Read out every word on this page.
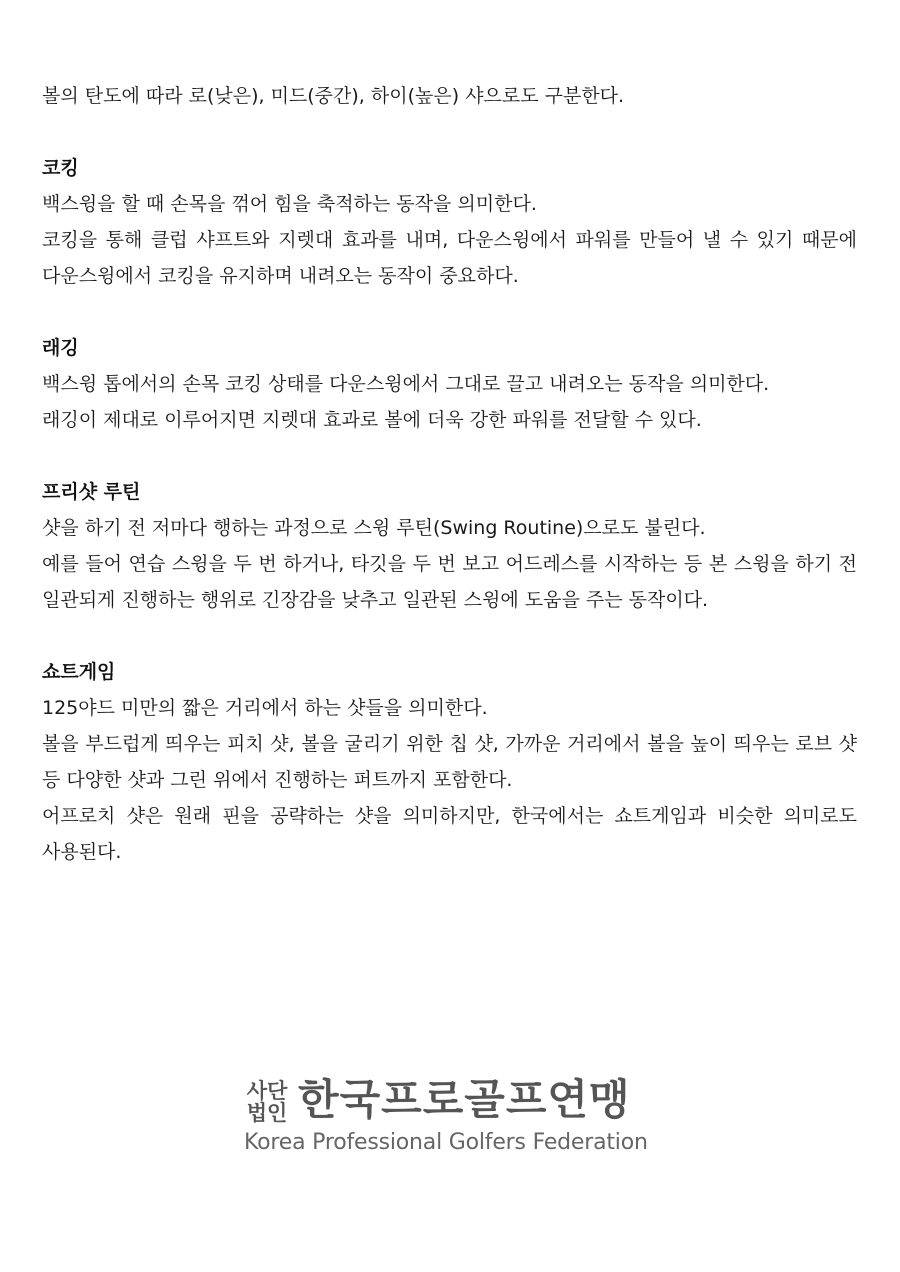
볼의 탄도에 따라 로(낮은), 미드(중간), 하이(높은) 샤으로도 구분한다.

코킹

백스윙을 할 때 손목을 꺾어 힘을 축적하는 동작을 의미한다.

코킹을 통해 클럽 샤프트와 지렛대 효과를 내며, 다운스윙에서 파워를 만들어 낼 수 있기 때문에 다운스윙에서 코킹을 유지하며 내려오는 동작이 중요하다.

래깅

백스윙 톱에서의 손목 코킹 상태를 다운스윙에서 그대로 끌고 내려오는 동작을 의미한다.

래깅이 제대로 이루어지면 지렛대 효과로 볼에 더욱 강한 파워를 전달할 수 있다.

프리샷 루틴

샷을 하기 전 저마다 행하는 과정으로 스윙 루틴(Swing Routine)으로도 불린다.

예를 들어 연습 스윙을 두 번 하거나, 타깃을 두 번 보고 어드레스를 시작하는 등 본 스윙을 하기 전 일관되게 진행하는 행위로 긴장감을 낮추고 일관된 스윙에 도움을 주는 동작이다.

쇼트게임

125야드 미만의 짧은 거리에서 하는 샷들을 의미한다.

볼을 부드럽게 띄우는 피치 샷, 볼을 굴리기 위한 칩 샷, 가까운 거리에서 볼을 높이 띄우는 로브 샷 등 다양한 샷과 그린 위에서 진행하는 퍼트까지 포함한다.

어프로치 샷은 원래 핀을 공략하는 샷을 의미하지만, 한국에서는 쇼트게임과 비슷한 의미로도 사용된다.

사단
법인 한국프로골프연맹
Korea Professional Golfers Federation
